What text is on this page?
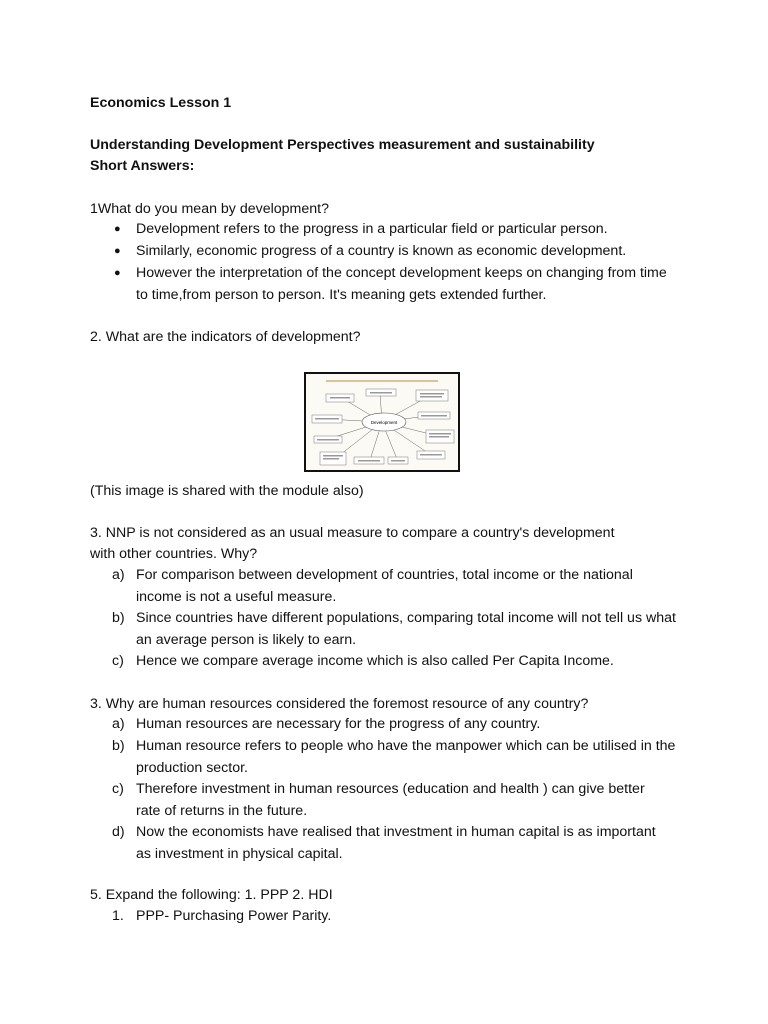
Economics Lesson 1
Understanding Development Perspectives measurement and sustainability
Short Answers:
1What do you mean by development?
● Development refers to the progress in a particular field or particular person.
● Similarly, economic progress of a country is known as economic development.
● However the interpretation of the concept development keeps on changing from time to time,from person to person. It's meaning gets extended further.
2. What are the indicators of development?
Development
(This image is shared with the module also)
3. NNP is not considered as an usual measure to compare a country's development
with other countries. Why?
a) For comparison between development of countries, total income or the national income is not a useful measure.
b) Since countries have different populations, comparing total income will not tell us what an average person is likely to earn.
c) Hence we compare average income which is also called Per Capita Income.
3. Why are human resources considered the foremost resource of any country?
a) Human resources are necessary for the progress of any country.
b) Human resource refers to people who have the manpower which can be utilised in the production sector.
c) Therefore investment in human resources (education and health ) can give better rate of returns in the future.
d) Now the economists have realised that investment in human capital is as important as investment in physical capital.
5. Expand the following: 1. PPP 2. HDI
1. PPP- Purchasing Power Parity.
